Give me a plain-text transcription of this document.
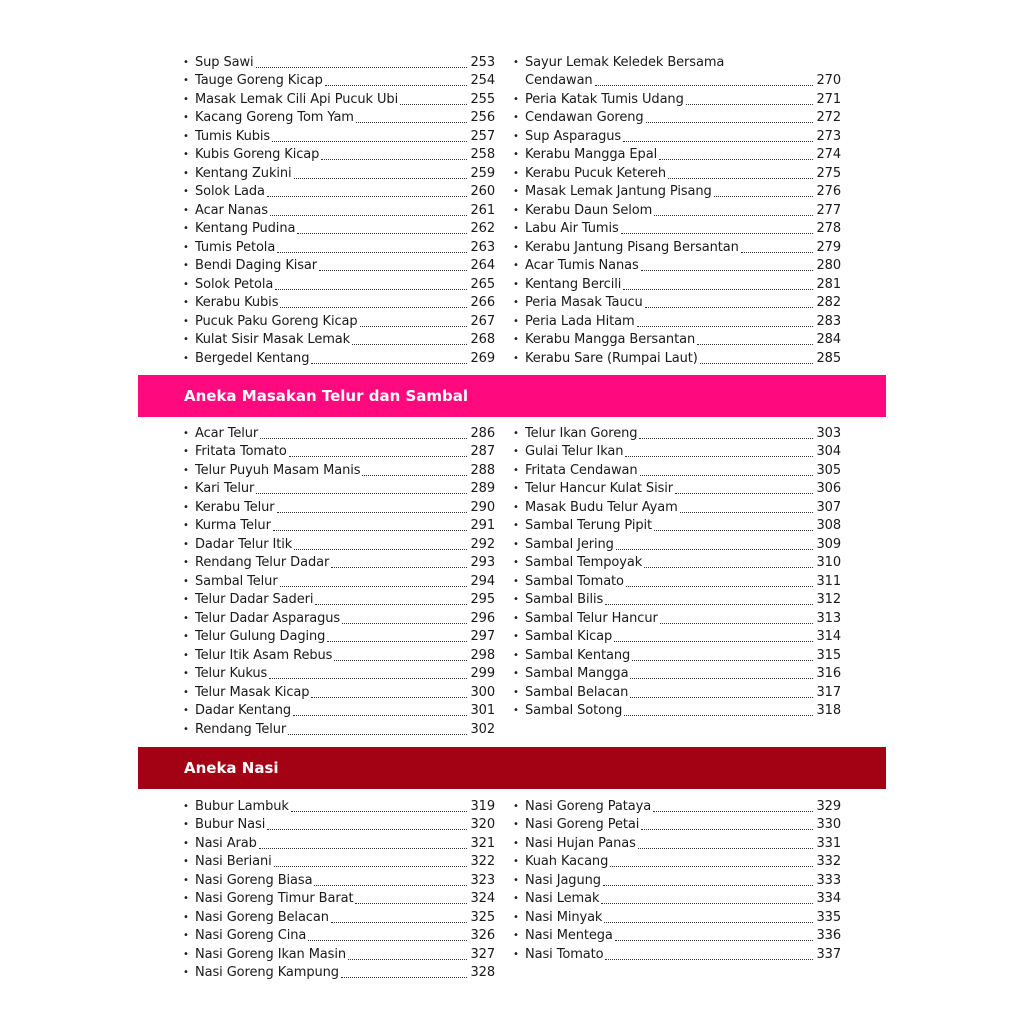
• Sup Sawi	253
• Tauge Goreng Kicap	254
• Masak Lemak Cili Api Pucuk Ubi	255
• Kacang Goreng Tom Yam	256
• Tumis Kubis	257
• Kubis Goreng Kicap	258
• Kentang Zukini	259
• Solok Lada	260
• Acar Nanas	261
• Kentang Pudina	262
• Tumis Petola	263
• Bendi Daging Kisar	264
• Solok Petola	265
• Kerabu Kubis	266
• Pucuk Paku Goreng Kicap	267
• Kulat Sisir Masak Lemak	268
• Bergedel Kentang	269
• Sayur Lemak Keledek Bersama
Cendawan	270
• Peria Katak Tumis Udang	271
• Cendawan Goreng	272
• Sup Asparagus	273
• Kerabu Mangga Epal	274
• Kerabu Pucuk Ketereh	275
• Masak Lemak Jantung Pisang	276
• Kerabu Daun Selom	277
• Labu Air Tumis	278
• Kerabu Jantung Pisang Bersantan	279
• Acar Tumis Nanas	280
• Kentang Bercili	281
• Peria Masak Taucu	282
• Peria Lada Hitam	283
• Kerabu Mangga Bersantan	284
• Kerabu Sare (Rumpai Laut)	285
Aneka Masakan Telur dan Sambal
• Acar Telur	286
• Fritata Tomato	287
• Telur Puyuh Masam Manis	288
• Kari Telur	289
• Kerabu Telur	290
• Kurma Telur	291
• Dadar Telur Itik	292
• Rendang Telur Dadar	293
• Sambal Telur	294
• Telur Dadar Saderi	295
• Telur Dadar Asparagus	296
• Telur Gulung Daging	297
• Telur Itik Asam Rebus	298
• Telur Kukus	299
• Telur Masak Kicap	300
• Dadar Kentang	301
• Rendang Telur	302
• Telur Ikan Goreng	303
• Gulai Telur Ikan	304
• Fritata Cendawan	305
• Telur Hancur Kulat Sisir	306
• Masak Budu Telur Ayam	307
• Sambal Terung Pipit	308
• Sambal Jering	309
• Sambal Tempoyak	310
• Sambal Tomato	311
• Sambal Bilis	312
• Sambal Telur Hancur	313
• Sambal Kicap	314
• Sambal Kentang	315
• Sambal Mangga	316
• Sambal Belacan	317
• Sambal Sotong	318
Aneka Nasi
• Bubur Lambuk	319
• Bubur Nasi	320
• Nasi Arab	321
• Nasi Beriani	322
• Nasi Goreng Biasa	323
• Nasi Goreng Timur Barat	324
• Nasi Goreng Belacan	325
• Nasi Goreng Cina	326
• Nasi Goreng Ikan Masin	327
• Nasi Goreng Kampung	328
• Nasi Goreng Pataya	329
• Nasi Goreng Petai	330
• Nasi Hujan Panas	331
• Kuah Kacang	332
• Nasi Jagung	333
• Nasi Lemak	334
• Nasi Minyak	335
• Nasi Mentega	336
• Nasi Tomato	337
